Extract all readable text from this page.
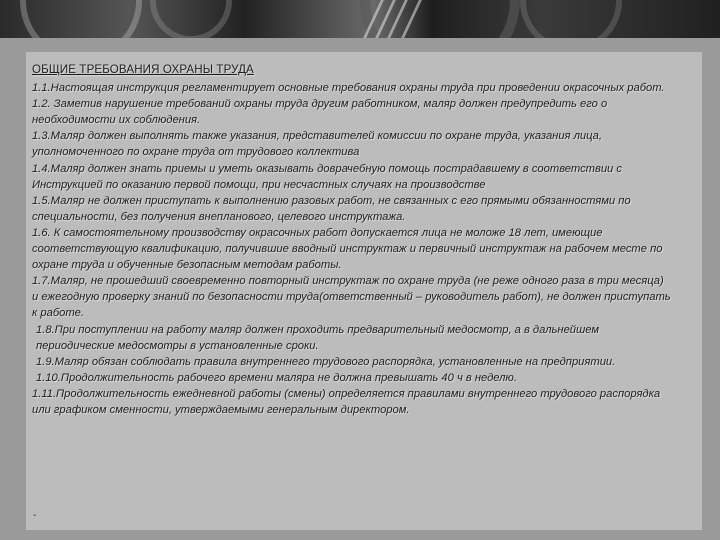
ОБЩИЕ ТРЕБОВАНИЯ ОХРАНЫ ТРУДА

1.1.Настоящая инструкция регламентирует основные требования охраны труда при проведении окрасочных работ.

1.2. Заметив нарушение требований охраны труда другим работником, маляр должен предупредить его о необходимости их соблюдения.

1.3.Маляр должен выполнять также указания, представителей комиссии по охране труда, указания лица, уполномоченного по охране труда от трудового коллектива

1.4.Маляр должен знать приемы и уметь оказывать доврачебную помощь пострадавшему в соответствии с Инструкцией по оказанию первой помощи, при несчастных случаях на производстве

1.5.Маляр не должен приступать к выполнению разовых работ, не связанных с его прямыми обязанностями по специальности, без получения внепланового, целевого инструктажа.

1.6. К самостоятельному производству окрасочных работ допускается лица не моложе 18 лет, имеющие соответствующую квалификацию, получившие вводный инструктаж и первичный инструктаж на рабочем месте по охране труда и обученные безопасным методам работы.

1.7.Маляр, не прошедший своевременно повторный инструктаж по охране труда (не реже одного раза в три месяца) и ежегодную проверку знаний по безопасности труда(ответственный – руководитель работ), не должен приступать к работе.

1.8.При поступлении на работу маляр должен проходить предварительный медосмотр, а в дальнейшем периодические медосмотры в установленные сроки.

1.9.Маляр обязан соблюдать правила внутреннего трудового распорядка, установленные на предприятии.

1.10.Продолжительность рабочего времени маляра не должна превышать 40 ч в неделю.

1.11.Продолжительность ежедневной работы (смены) определяется правилами внутреннего трудового распорядка или графиком сменности, утверждаемыми генеральным директором.

-
